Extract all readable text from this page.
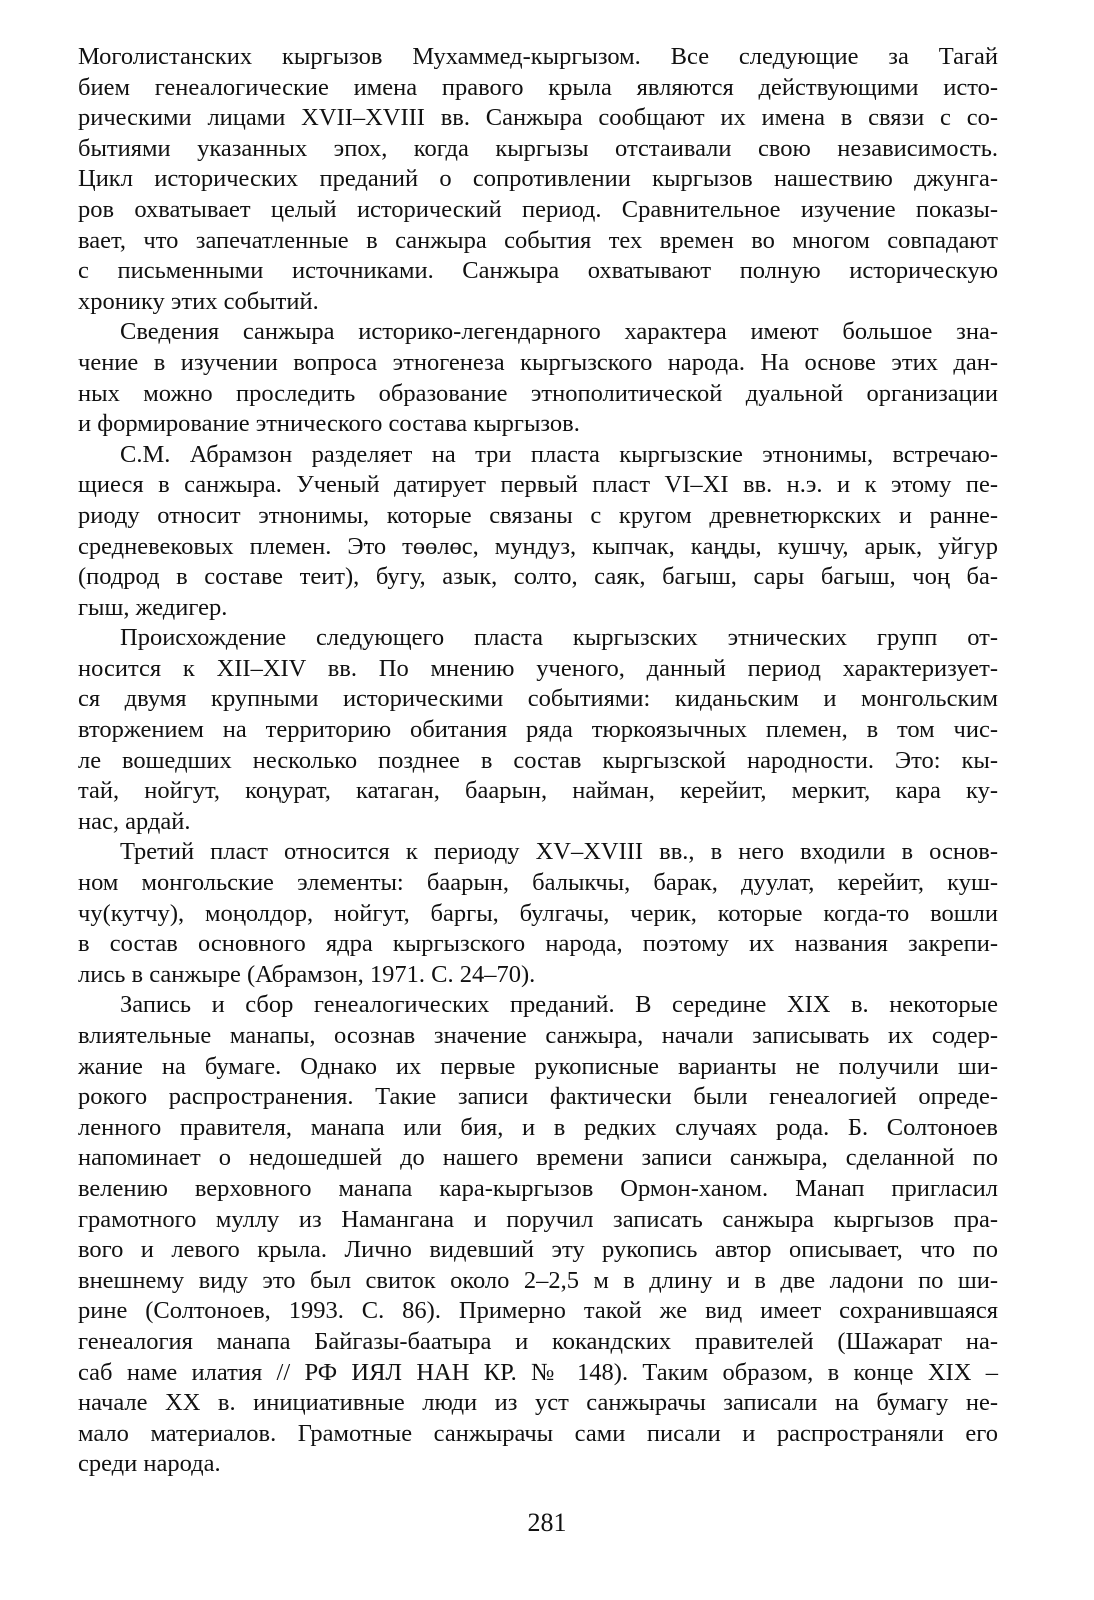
Моголистанских кыргызов Мухаммед-кыргызом. Все следующие за Тагай
бием генеалогические имена правого крыла являются действующими исто-
рическими лицами XVII–XVIII вв. Санжыра сообщают их имена в связи с со-
бытиями указанных эпох, когда кыргызы отстаивали свою независимость.
Цикл исторических преданий о сопротивлении кыргызов нашествию джунга-
ров охватывает целый исторический период. Сравнительное изучение показы-
вает, что запечатленные в санжыра события тех времен во многом совпадают
с письменными источниками. Санжыра охватывают полную историческую
хронику этих событий.
Сведения санжыра историко-легендарного характера имеют большое зна-
чение в изучении вопроса этногенеза кыргызского народа. На основе этих дан-
ных можно проследить образование этнополитической дуальной организации
и формирование этнического состава кыргызов.
С.М. Абрамзон разделяет на три пласта кыргызские этнонимы, встречаю-
щиеся в санжыра. Ученый датирует первый пласт VI–XI вв. н.э. и к этому пе-
риоду относит этнонимы, которые связаны с кругом древнетюркских и ранне-
средневековых племен. Это төөлөс, мундуз, кыпчак, кaңды, кушчу, арык, уйгур
(подрод в составе теит), бугу, азык, солто, саяк, багыш, сары багыш, чоң ба-
гыш, жедигер.
Происхождение следующего пласта кыргызских этнических групп от-
носится к XII–XIV вв. По мнению ученого, данный период характеризует-
ся двумя крупными историческими событиями: киданьским и монгольским
вторжением на территорию обитания ряда тюркоязычных племен, в том чис-
ле вошедших несколько позднее в состав кыргызской народности. Это: кы-
тай, нойгут, коңурат, катаган, баарын, найман, керейит, меркит, кара ку-
нас, ардай.
Третий пласт относится к периоду XV–XVIII вв., в него входили в основ-
ном монгольские элементы: баарын, балыкчы, барак, дуулат, керейит, куш-
чу(кутчу), моңолдор, нойгут, баргы, булгачы, черик, которые когда-то вошли
в состав основного ядра кыргызского народа, поэтому их названия закрепи-
лись в санжыре (Абрамзон, 1971. С. 24–70).
Запись и сбор генеалогических преданий. В середине XIX в. некоторые
влиятельные манапы, осознав значение санжыра, начали записывать их содер-
жание на бумаге. Однако их первые рукописные варианты не получили ши-
рокого распространения. Такие записи фактически были генеалогией опреде-
ленного правителя, манапа или бия, и в редких случаях рода. Б. Солтоноев
напоминает о недошедшей до нашего времени записи санжыра, сделанной по
велению верховного манапа кара-кыргызов Ормон-ханом. Манап пригласил
грамотного муллу из Намангана и поручил записать санжыра кыргызов пра-
вого и левого крыла. Лично видевший эту рукопись автор описывает, что по
внешнему виду это был свиток около 2–2,5 м в длину и в две ладони по ши-
рине (Солтоноев, 1993. С. 86). Примерно такой же вид имеет сохранившаяся
генеалогия манапа Байгазы-баатыра и кокандских правителей (Шажарат на-
саб наме илатия // РФ ИЯЛ НАН КР. № 148). Таким образом, в конце XIX –
начале XX в. инициативные люди из уст санжырачы записали на бумагу не-
мало материалов. Грамотные санжырачы сами писали и распространяли его
среди народа.
281
